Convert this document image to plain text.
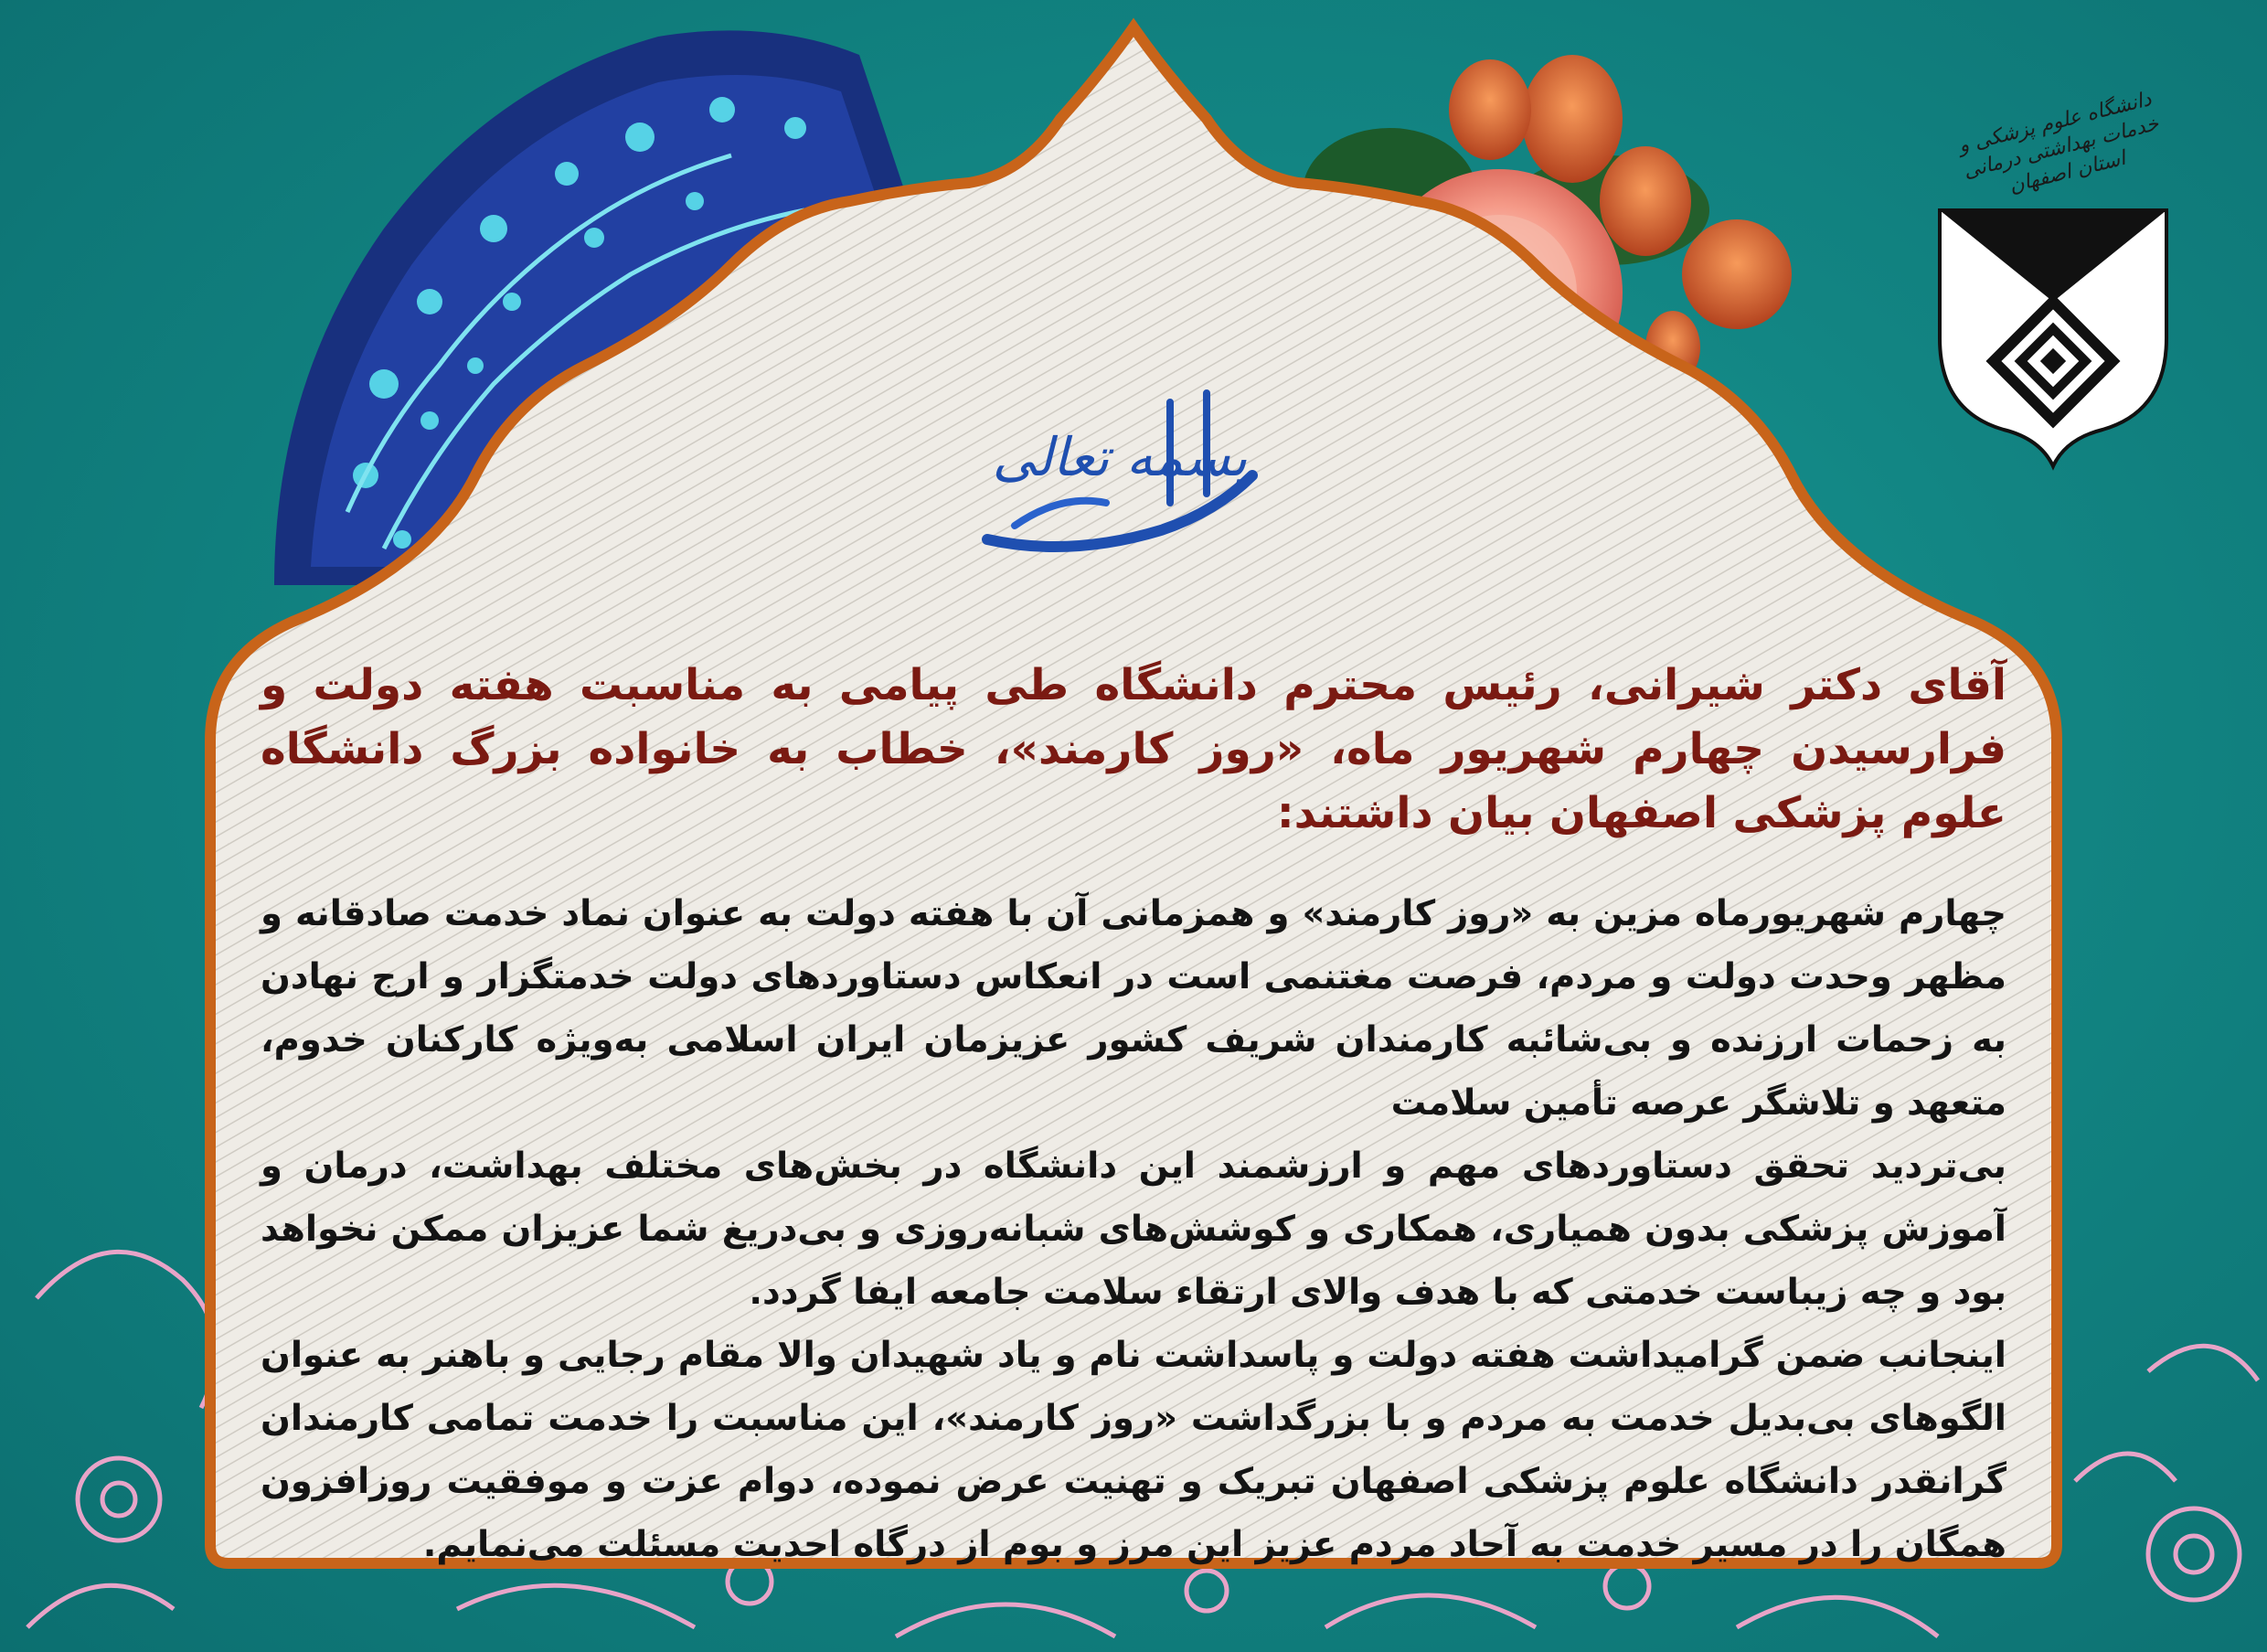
دانشگاه علوم پزشکی و خدمات بهداشتی درمانی استان اصفهان
بسمه تعالی

آقای دکتر شیرانی، رئیس محترم دانشگاه طی پیامی به مناسبت هفته دولت و فرارسیدن چهارم شهریور ماه، «روز کارمند»، خطاب به خانواده بزرگ دانشگاه علوم پزشکی اصفهان بیان داشتند:

چهارم شهریورماه مزین به «روز کارمند» و همزمانی آن با هفته دولت به عنوان نماد خدمت صادقانه و مظهر وحدت دولت و مردم، فرصت مغتنمی است در انعکاس دستاوردهای دولت خدمتگزار و ارج نهادن به زحمات ارزنده و بی‌شائبه کارمندان شریف کشور عزیزمان ایران اسلامی به‌ویژه کارکنان خدوم، متعهد و تلاشگر عرصه تأمین سلامت

بی‌تردید تحقق دستاوردهای مهم و ارزشمند این دانشگاه در بخش‌های مختلف بهداشت، درمان و آموزش پزشکی بدون همیاری، همکاری و کوشش‌های شبانه‌روزی و بی‌دریغ شما عزیزان ممکن نخواهد بود و چه زیباست خدمتی که با هدف والای ارتقاء سلامت جامعه ایفا گردد.

اینجانب ضمن گرامیداشت هفته دولت و پاسداشت نام و یاد شهیدان والا مقام رجایی و باهنر به عنوان الگوهای بی‌بدیل خدمت به مردم و با بزرگداشت «روز کارمند»، این مناسبت را خدمت تمامی کارمندان گرانقدر دانشگاه علوم پزشکی اصفهان تبریک و تهنیت عرض نموده، دوام عزت و موفقیت روزافزون همگان را در مسیر خدمت به آحاد مردم عزیز این مرز و بوم از درگاه احدیت مسئلت می‌نمایم.
